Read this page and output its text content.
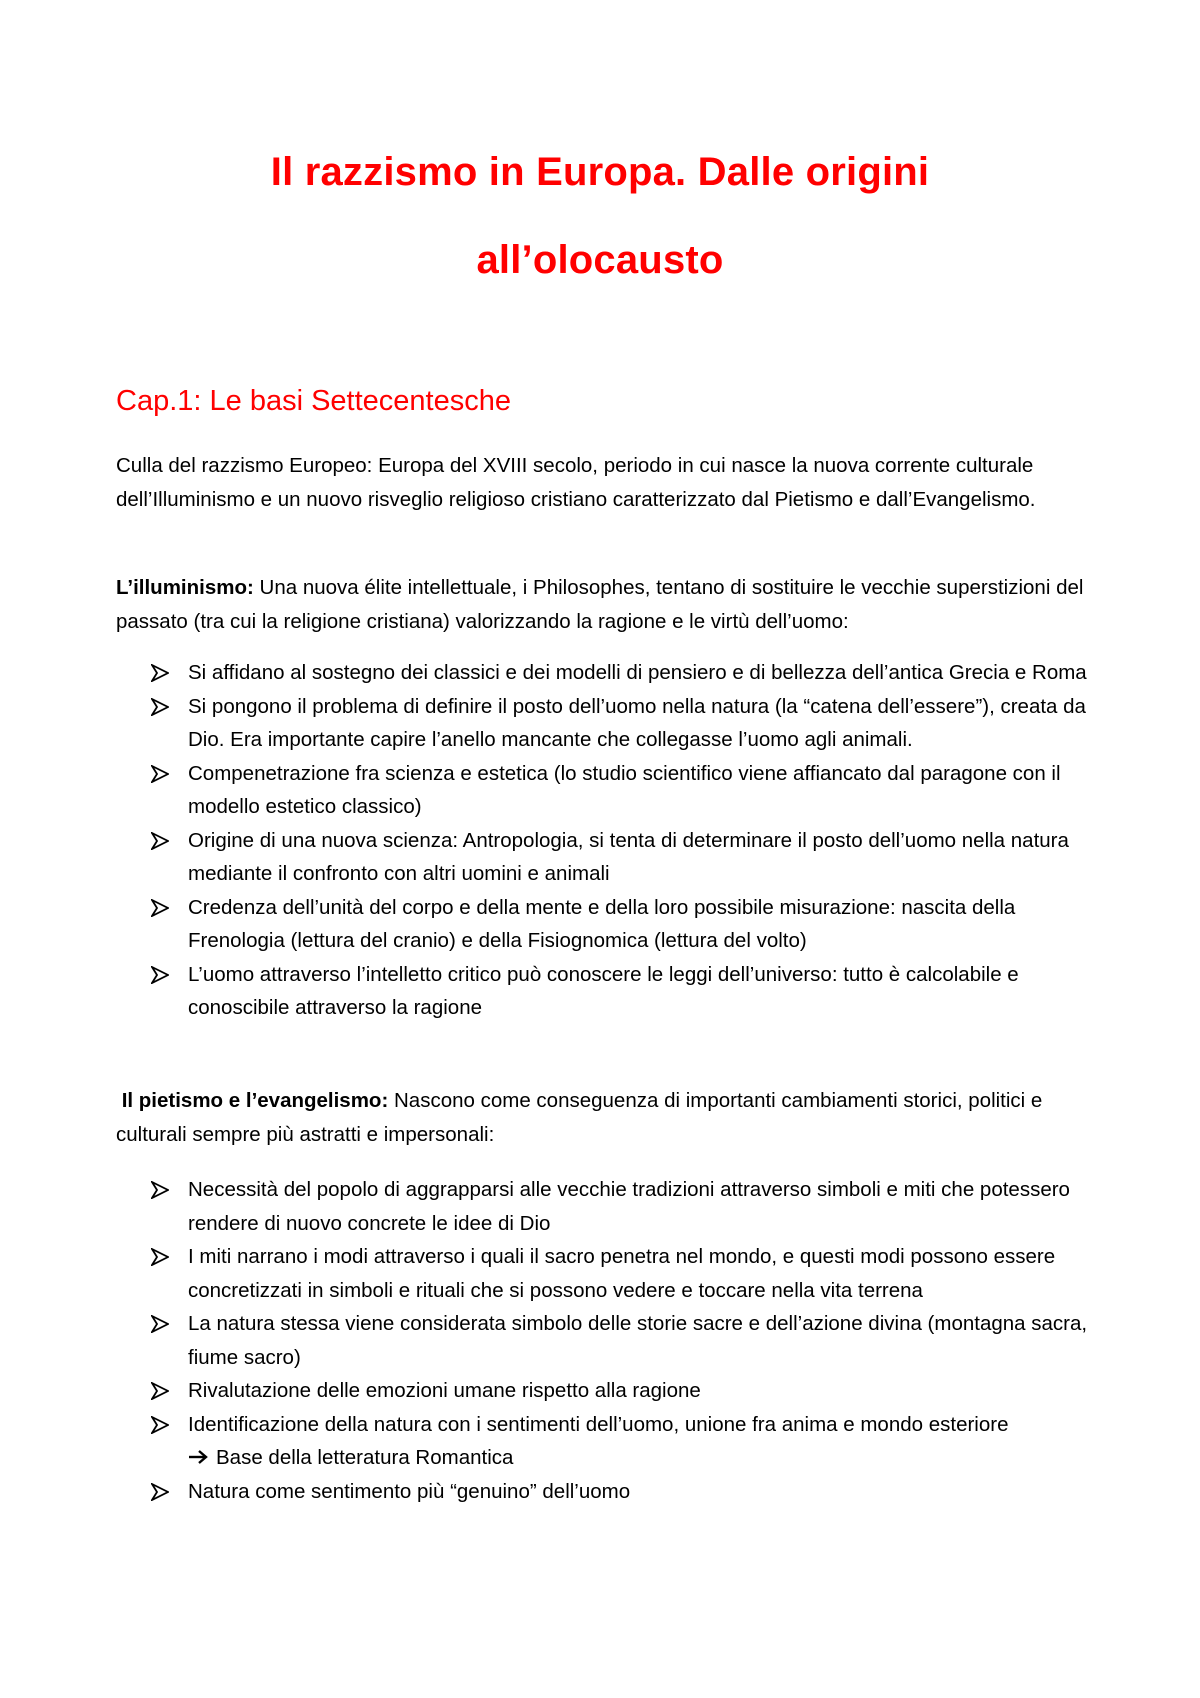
Il razzismo in Europa. Dalle origini
all’olocausto
Cap.1: Le basi Settecentesche
Culla del razzismo Europeo: Europa del XVIII secolo, periodo in cui nasce la nuova corrente culturale dell’Illuminismo e un nuovo risveglio religioso cristiano caratterizzato dal Pietismo e dall’Evangelismo.
L’illuminismo: Una nuova élite intellettuale, i Philosophes, tentano di sostituire le vecchie superstizioni del passato (tra cui la religione cristiana) valorizzando la ragione e le virtù dell’uomo:
Si affidano al sostegno dei classici e dei modelli di pensiero e di bellezza dell’antica Grecia e Roma
Si pongono il problema di definire il posto dell’uomo nella natura (la “catena dell’essere”), creata da Dio. Era importante capire l’anello mancante che collegasse l’uomo agli animali.
Compenetrazione fra scienza e estetica (lo studio scientifico viene affiancato dal paragone con il modello estetico classico)
Origine di una nuova scienza: Antropologia, si tenta di determinare il posto dell’uomo nella natura mediante il confronto con altri uomini e animali
Credenza dell’unità del corpo e della mente e della loro possibile misurazione: nascita della Frenologia (lettura del cranio) e della Fisiognomica (lettura del volto)
L’uomo attraverso l’intelletto critico può conoscere le leggi dell’universo: tutto è calcolabile e conoscibile attraverso la ragione
Il pietismo e l’evangelismo: Nascono come conseguenza di importanti cambiamenti storici, politici e culturali sempre più astratti e impersonali:
Necessità del popolo di aggrapparsi alle vecchie tradizioni attraverso simboli e miti che potessero rendere di nuovo concrete le idee di Dio
I miti narrano i modi attraverso i quali il sacro penetra nel mondo, e questi modi possono essere concretizzati in simboli e rituali che si possono vedere e toccare nella vita terrena
La natura stessa viene considerata simbolo delle storie sacre e dell’azione divina (montagna sacra, fiume sacro)
Rivalutazione delle emozioni umane rispetto alla ragione
Identificazione della natura con i sentimenti dell’uomo, unione fra anima e mondo esteriore
Base della letteratura Romantica
Natura come sentimento più “genuino” dell’uomo
